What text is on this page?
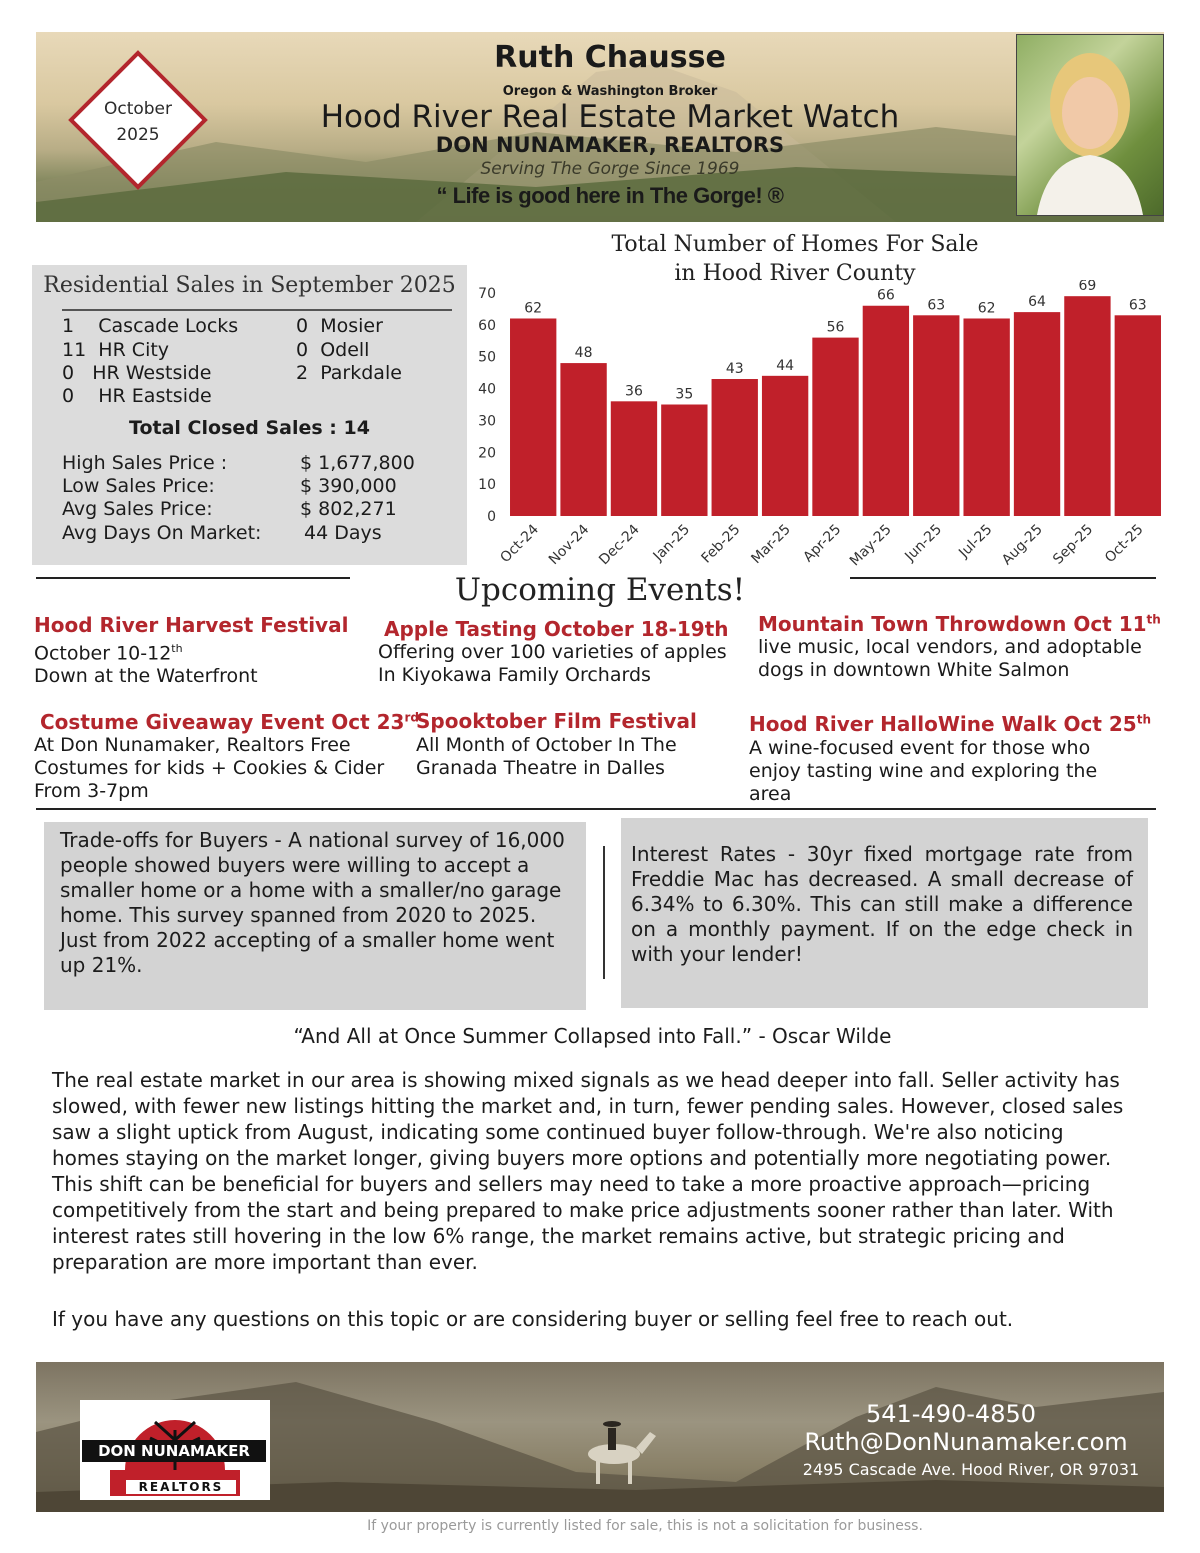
October
2025
Ruth Chausse
Oregon & Washington Broker
Hood River Real Estate Market Watch
DON NUNAMAKER, REALTORS
Serving The Gorge Since 1969
“ Life is good here in The Gorge! ®
Residential Sales in September 2025
1 Cascade Locks
11 HR City
0 HR Westside
0 HR Eastside
0 Mosier
0 Odell
2 Parkdale
Total Closed Sales : 14
High Sales Price :	$ 1,677,800
Low Sales Price:	$ 390,000
Avg Sales Price:	$ 802,271
Avg Days On Market: 44 Days
Total Number of Homes For Sale
in Hood River County
0
10
20
30
40
50
60
70
62
Oct-24
48
Nov-24
36
Dec-24
35
Jan-25
43
Feb-25
44
Mar-25
56
Apr-25
66
May-25
63
Jun-25
62
Jul-25
64
Aug-25
69
Sep-25
63
Oct-25
Upcoming Events!
Hood River Harvest Festival
October 10-12th
Down at the Waterfront
Apple Tasting October 18-19th
Offering over 100 varieties of apples In Kiyokawa Family Orchards
Mountain Town Throwdown Oct 11th
live music, local vendors, and adoptable dogs in downtown White Salmon
Costume Giveaway Event Oct 23rd
At Don Nunamaker, Realtors Free Costumes for kids + Cookies & Cider From 3-7pm
Spooktober Film Festival
All Month of October In The Granada Theatre in Dalles
Hood River HalloWine Walk Oct 25th
A wine-focused event for those who enjoy tasting wine and exploring the area
Trade-offs for Buyers - A national survey of 16,000 people showed buyers were willing to accept a smaller home or a home with a smaller/no garage home. This survey spanned from 2020 to 2025. Just from 2022 accepting of a smaller home went up 21%.
Interest Rates - 30yr fixed mortgage rate from Freddie Mac has decreased. A small decrease of 6.34% to 6.30%. This can still make a difference on a monthly payment. If on the edge check in with your lender!
“And All at Once Summer Collapsed into Fall.” - Oscar Wilde
The real estate market in our area is showing mixed signals as we head deeper into fall. Seller activity has slowed, with fewer new listings hitting the market and, in turn, fewer pending sales. However, closed sales saw a slight uptick from August, indicating some continued buyer follow-through. We're also noticing homes staying on the market longer, giving buyers more options and potentially more negotiating power. This shift can be beneficial for buyers and sellers may need to take a more proactive approach—pricing competitively from the start and being prepared to make price adjustments sooner rather than later. With interest rates still hovering in the low 6% range, the market remains active, but strategic pricing and preparation are more important than ever.
If you have any questions on this topic or are considering buyer or selling feel free to reach out.
DON NUNAMAKER
REALTORS
541-490-4850
Ruth@DonNunamaker.com
2495 Cascade Ave. Hood River, OR 97031
If your property is currently listed for sale, this is not a solicitation for business.
